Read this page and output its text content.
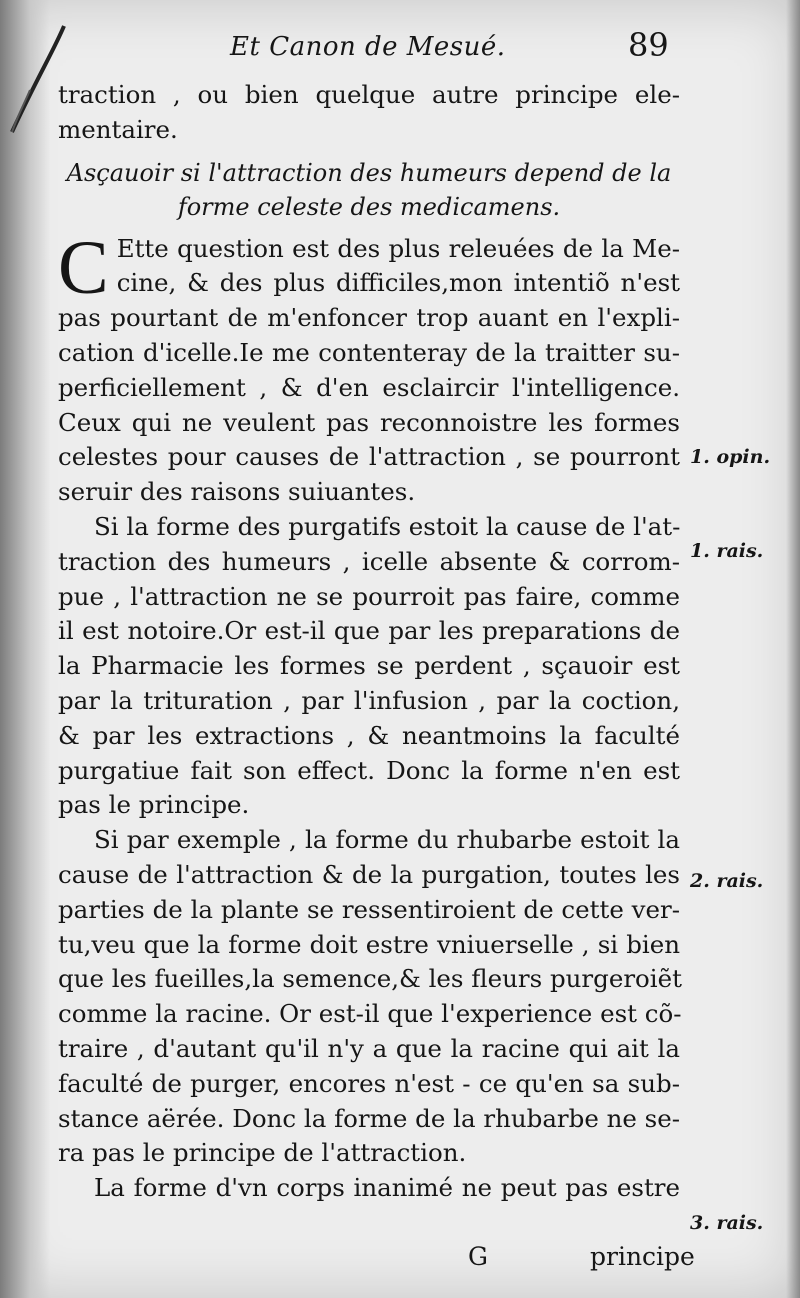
Et Canon de Mesué.	89

traction , ou bien quelque autre principe ele-
mentaire.

Asçauoir si l'attraction des humeurs depend de la
forme celeste des medicamens.

C Ette question est des plus releuées de la Me-
cine, & des plus difficiles,mon intentiõ n'est
pas pourtant de m'enfoncer trop auant en l'expli-
cation d'icelle.Ie me contenteray de la traitter su-
perficiellement , & d'en esclaircir l'intelligence.
Ceux qui ne veulent pas reconnoistre les formes
celestes pour causes de l'attraction , se pourront
seruir des raisons suiuantes.

Si la forme des purgatifs estoit la cause de l'at-
traction des humeurs , icelle absente & corrom-
pue , l'attraction ne se pourroit pas faire, comme
il est notoire.Or est-il que par les preparations de
la Pharmacie les formes se perdent , sçauoir est
par la trituration , par l'infusion , par la coction,
& par les extractions , & neantmoins la faculté
purgatiue fait son effect. Donc la forme n'en est
pas le principe.

Si par exemple , la forme du rhubarbe estoit la
cause de l'attraction & de la purgation, toutes les
parties de la plante se ressentiroient de cette ver-
tu,veu que la forme doit estre vniuerselle , si bien
que les fueilles,la semence,& les fleurs purgeroiẽt
comme la racine. Or est-il que l'experience est cõ-
traire , d'autant qu'il n'y a que la racine qui ait la
faculté de purger, encores n'est - ce qu'en sa sub-
stance aërée. Donc la forme de la rhubarbe ne se-
ra pas le principe de l'attraction.

La forme d'vn corps inanimé ne peut pas estre

1. opin.
1. rais.
2. rais.
3. rais.
G	principe
